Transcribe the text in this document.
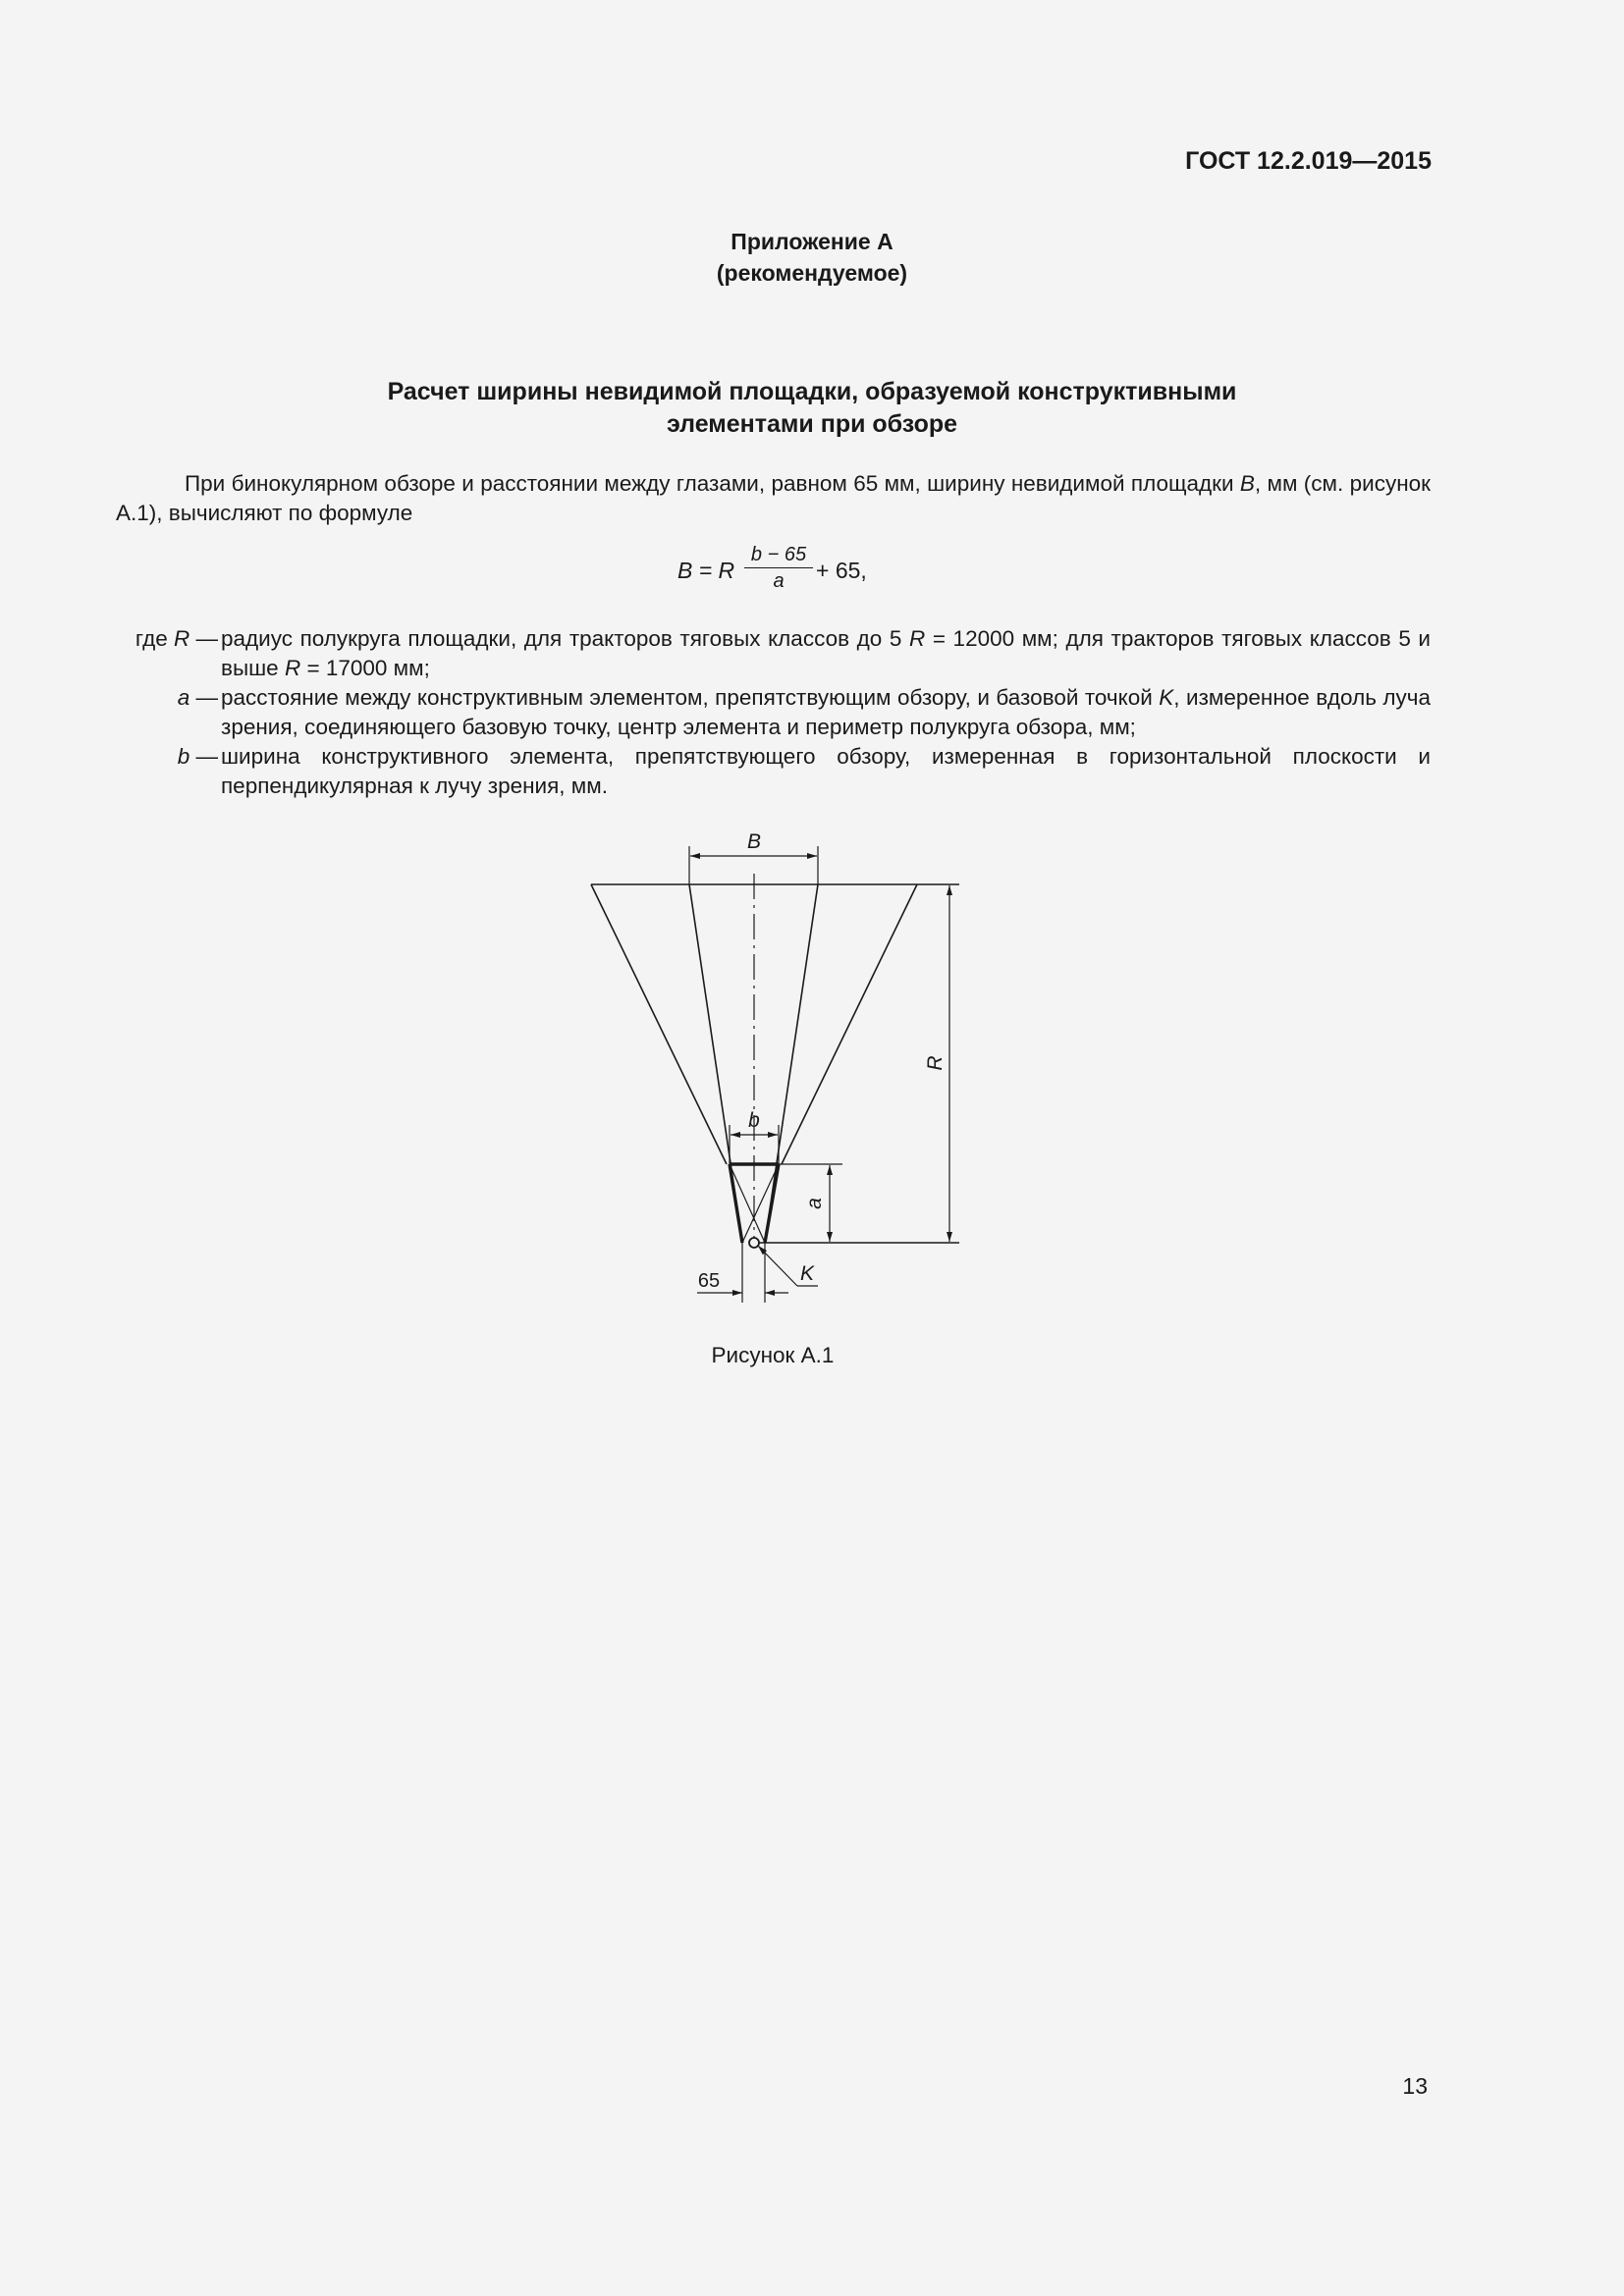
ГОСТ 12.2.019—2015
Приложение А
(рекомендуемое)
Расчет ширины невидимой площадки, образуемой конструктивными
элементами при обзоре

При бинокулярном обзоре и расстоянии между глазами, равном 65 мм, ширину невидимой площадки B, мм (см. рисунок А.1), вычисляют по формуле

B = R
b − 65
a	+ 65,
где R — радиус полукруга площадки, для тракторов тяговых классов до 5 R = 12000 мм; для тракторов тяговых классов 5 и выше R = 17000 мм;
a — расстояние между конструктивным элементом, препятствующим обзору, и базовой точкой K, измеренное вдоль луча зрения, соединяющего базовую точку, центр элемента и периметр полукруга обзора, мм;
b — ширина конструктивного элемента, препятствующего обзору, измеренная в горизонтальной плоскости и перпендикулярная к лучу зрения, мм.
B
b
R
a
K
65
Рисунок А.1
13
